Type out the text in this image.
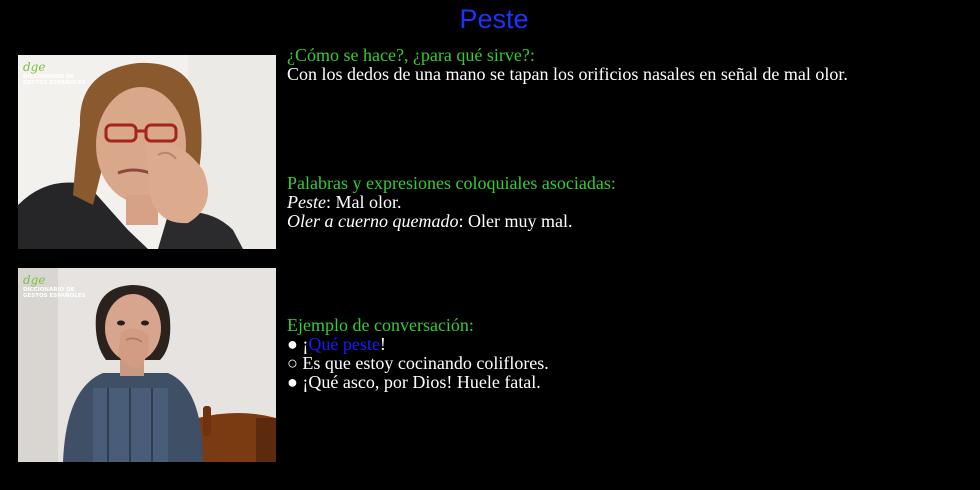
Peste
dge
DICCIONARIO DE
GESTOS ESPAÑOLES
dge
DICCIONARIO DE
GESTOS ESPAÑOLES
¿Cómo se hace?, ¿para qué sirve?:
Con los dedos de una mano se tapan los orificios nasales en señal de mal olor.
Palabras y expresiones coloquiales asociadas:
Peste: Mal olor.
Oler a cuerno quemado: Oler muy mal.
Ejemplo de conversación:
● ¡Qué peste!
○ Es que estoy cocinando coliflores.
● ¡Qué asco, por Dios! Huele fatal.
